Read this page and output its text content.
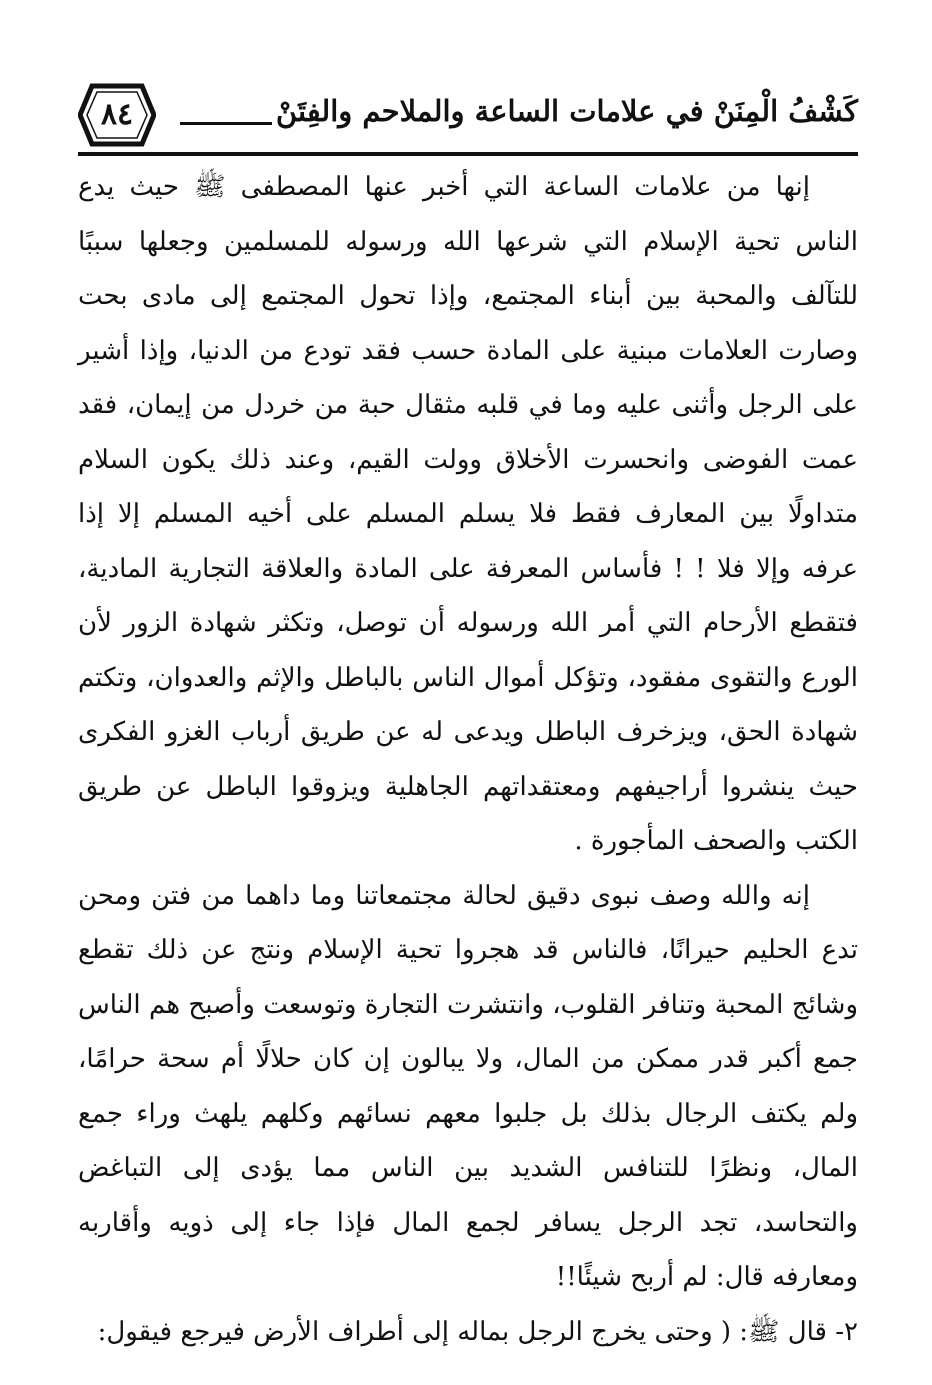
٨٤	كَشْفُ الْمِنَنْ في علامات الساعة والملاحم والفِتَنْ

إنها من علامات الساعة التي أخبر عنها المصطفى ﷺ حيث يدع الناس تحية الإسلام التي شرعها الله ورسوله للمسلمين وجعلها سببًا للتآلف والمحبة بين أبناء المجتمع، وإذا تحول المجتمع إلى مادى بحت وصارت العلامات مبنية على المادة حسب فقد تودع من الدنيا، وإذا أشير على الرجل وأثنى عليه وما في قلبه مثقال حبة من خردل من إيمان، فقد عمت الفوضى وانحسرت الأخلاق وولت القيم، وعند ذلك يكون السلام متداولًا بين المعارف فقط فلا يسلم المسلم على أخيه المسلم إلا إذا عرفه وإلا فلا ! ! فأساس المعرفة على المادة والعلاقة التجارية المادية، فتقطع الأرحام التي أمر الله ورسوله أن توصل، وتكثر شهادة الزور لأن الورع والتقوى مفقود، وتؤكل أموال الناس بالباطل والإثم والعدوان، وتكتم شهادة الحق، ويزخرف الباطل ويدعى له عن طريق أرباب الغزو الفكرى حيث ينشروا أراجيفهم ومعتقداتهم الجاهلية ويزوقوا الباطل عن طريق الكتب والصحف المأجورة .

إنه والله وصف نبوى دقيق لحالة مجتمعاتنا وما داهما من فتن ومحن تدع الحليم حيرانًا، فالناس قد هجروا تحية الإسلام ونتج عن ذلك تقطع وشائج المحبة وتنافر القلوب، وانتشرت التجارة وتوسعت وأصبح هم الناس جمع أكبر قدر ممكن من المال، ولا يبالون إن كان حلالًا أم سحة حرامًا، ولم يكتف الرجال بذلك بل جلبوا معهم نسائهم وكلهم يلهث وراء جمع المال، ونظرًا للتنافس الشديد بين الناس مما يؤدى إلى التباغض والتحاسد، تجد الرجل يسافر لجمع المال فإذا جاء إلى ذويه وأقاربه ومعارفه قال: لم أربح شيئًا!!

٢- قال ﷺ: ( وحتى يخرج الرجل بماله إلى أطراف الأرض فيرجع فيقول:
